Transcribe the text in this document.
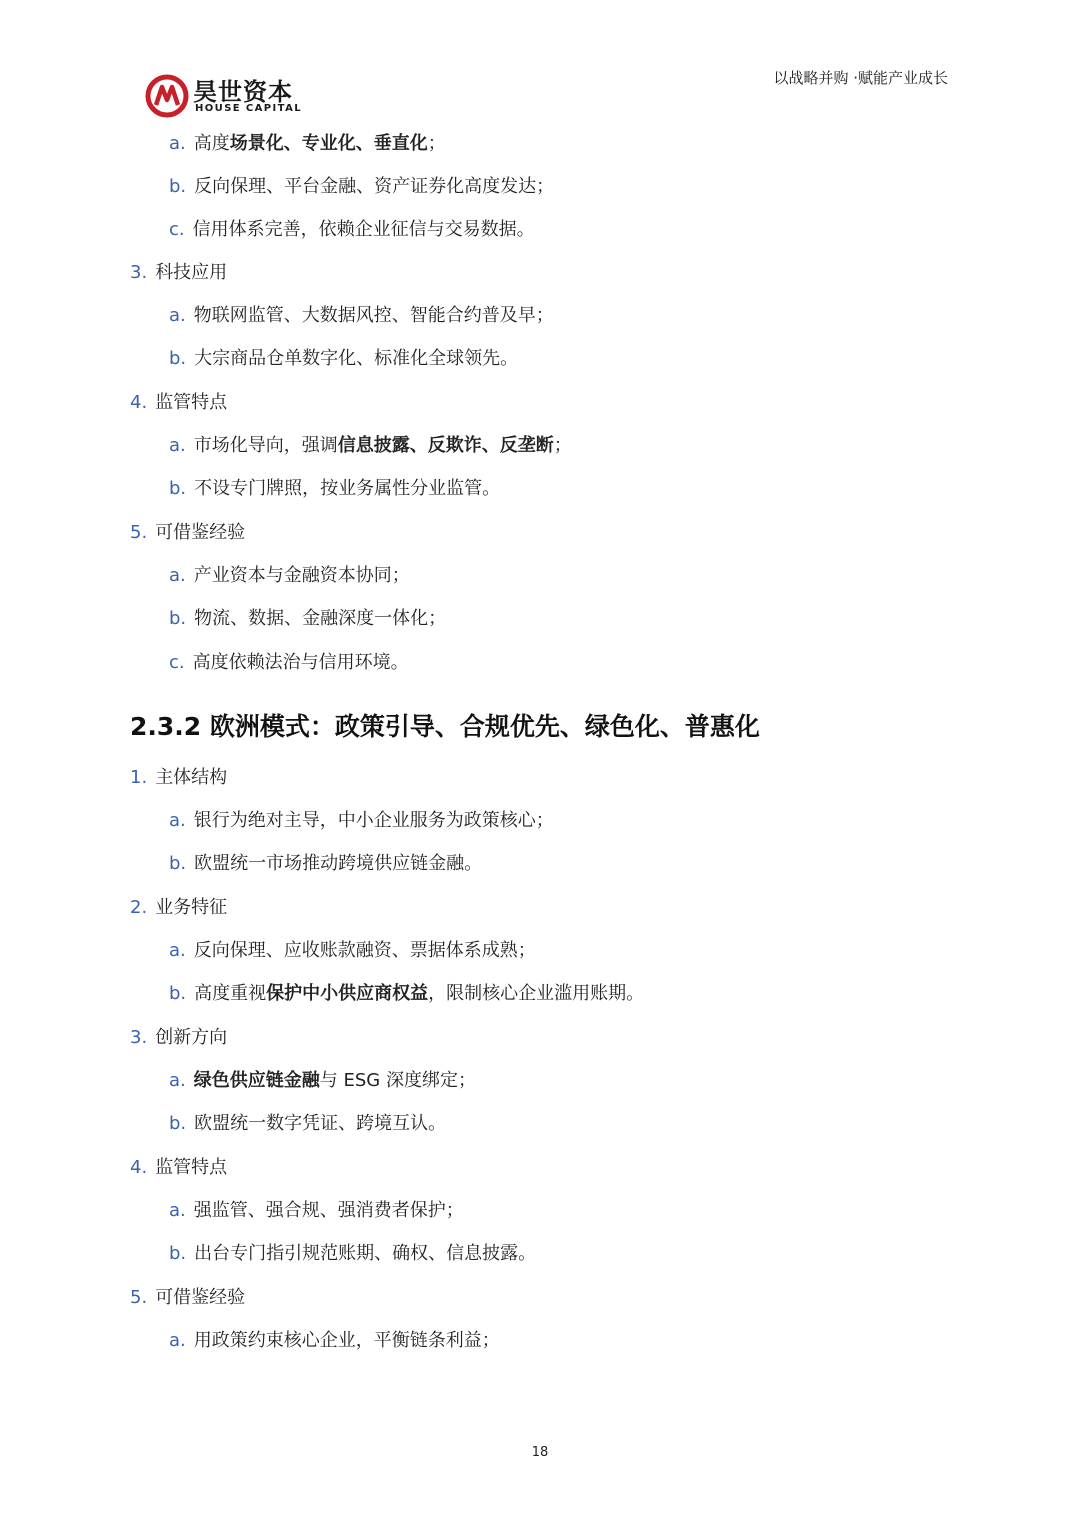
昊世资本
HOUSE CAPITAL
以战略并购 ·赋能产业成长
a. 高度场景化、专业化、垂直化；
b. 反向保理、平台金融、资产证券化高度发达；
c. 信用体系完善，依赖企业征信与交易数据。
3. 科技应用
a. 物联网监管、大数据风控、智能合约普及早；
b. 大宗商品仓单数字化、标准化全球领先。
4. 监管特点
a. 市场化导向，强调信息披露、反欺诈、反垄断；
b. 不设专门牌照，按业务属性分业监管。
5. 可借鉴经验
a. 产业资本与金融资本协同；
b. 物流、数据、金融深度一体化；
c. 高度依赖法治与信用环境。
2.3.2 欧洲模式：政策引导、合规优先、绿色化、普惠化
1. 主体结构
a. 银行为绝对主导，中小企业服务为政策核心；
b. 欧盟统一市场推动跨境供应链金融。
2. 业务特征
a. 反向保理、应收账款融资、票据体系成熟；
b. 高度重视保护中小供应商权益，限制核心企业滥用账期。
3. 创新方向
a. 绿色供应链金融与 ESG 深度绑定；
b. 欧盟统一数字凭证、跨境互认。
4. 监管特点
a. 强监管、强合规、强消费者保护；
b. 出台专门指引规范账期、确权、信息披露。
5. 可借鉴经验
a. 用政策约束核心企业，平衡链条利益；
18
